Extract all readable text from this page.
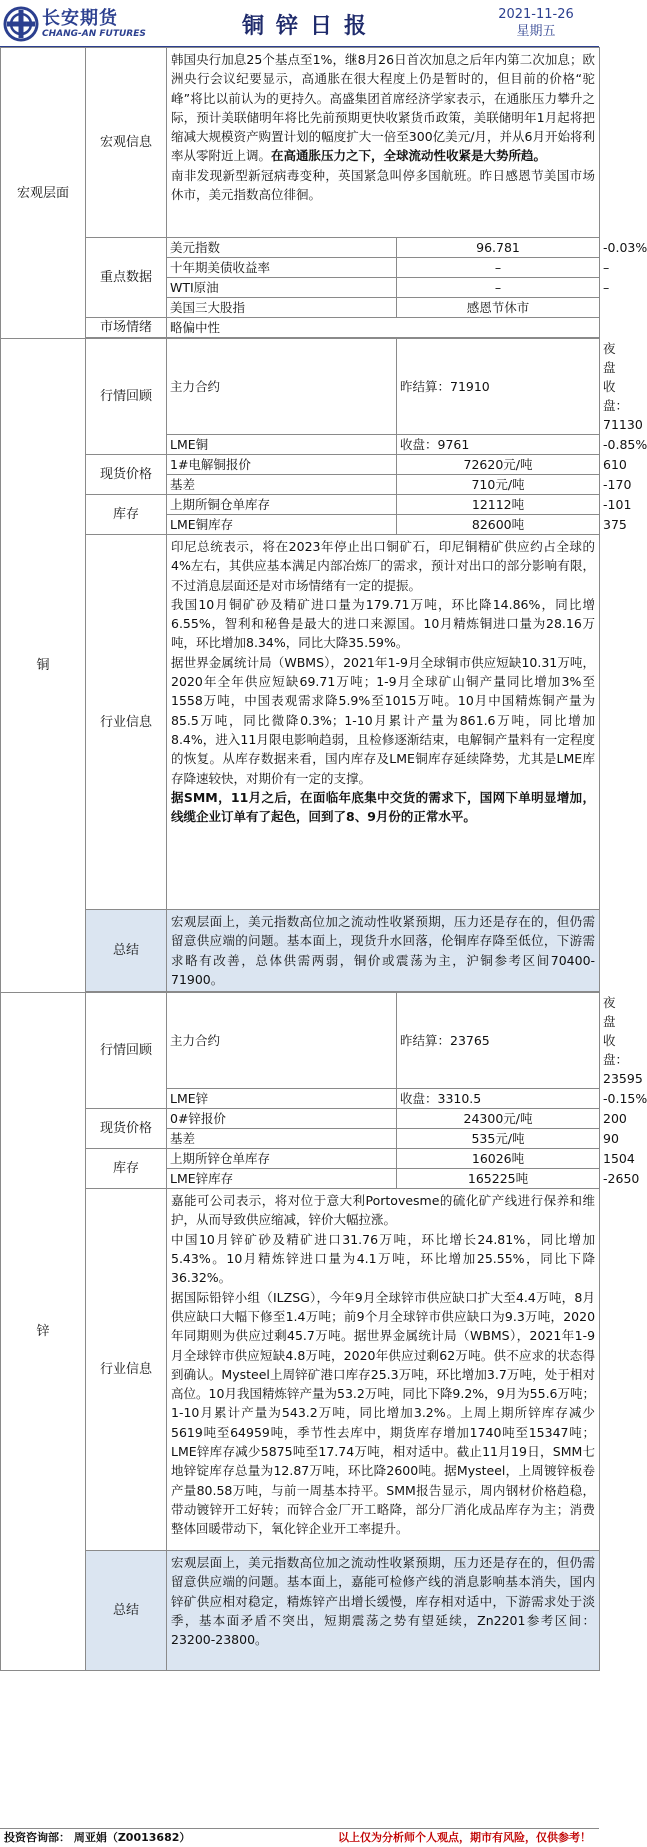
长安期货
CHANG-AN FUTURES	铜锌日报	2021-11-26
星期五
宏观层面	宏观信息	韩国央行加息25个基点至1%，继8月26日首次加息之后年内第二次加息；欧洲央行会议纪要显示，高通胀在很大程度上仍是暂时的，但目前的价格“驼峰”将比以前认为的更持久。高盛集团首席经济学家表示，在通胀压力攀升之际，预计美联储明年将比先前预期更快收紧货币政策，美联储明年1月起将把缩减大规模资产购置计划的幅度扩大一倍至300亿美元/月，并从6月开始将利率从零附近上调。在高通胀压力之下，全球流动性收紧是大势所趋。
南非发现新型新冠病毒变种，英国紧急叫停多国航班。昨日感恩节美国市场休市，美元指数高位徘徊。		
	重点数据	美元指数	96.781	-0.03%
		十年期美债收益率	–	–
		WTI原油	–	–
		美国三大股指	感恩节休市	
	市场情绪	略偏中性		

铜	行情回顾	主力合约	昨结算：71910	夜盘收盘：71130
		LME铜	收盘：9761	-0.85%
	现货价格	1#电解铜报价	72620元/吨	610
		基差	710元/吨	-170
	库存	上期所铜仓单库存	12112吨	-101
		LME铜库存	82600吨	375
	行业信息	印尼总统表示，将在2023年停止出口铜矿石，印尼铜精矿供应约占全球的4%左右，其供应基本满足内部冶炼厂的需求，预计对出口的部分影响有限，不过消息层面还是对市场情绪有一定的提振。
我国10月铜矿砂及精矿进口量为179.71万吨，环比降14.86%，同比增6.55%，智利和秘鲁是最大的进口来源国。10月精炼铜进口量为28.16万吨，环比增加8.34%，同比大降35.59%。
据世界金属统计局（WBMS），2021年1-9月全球铜市供应短缺10.31万吨，2020年全年供应短缺69.71万吨；1-9月全球矿山铜产量同比增加3%至1558万吨，中国表观需求降5.9%至1015万吨。10月中国精炼铜产量为85.5万吨，同比微降0.3%；1-10月累计产量为861.6万吨，同比增加8.4%，进入11月限电影响趋弱，且检修逐渐结束，电解铜产量料有一定程度的恢复。从库存数据来看，国内库存及LME铜库存延续降势，尤其是LME库存降速较快，对期价有一定的支撑。
据SMM，11月之后，在面临年底集中交货的需求下，国网下单明显增加，线缆企业订单有了起色，回到了8、9月份的正常水平。		
	总结	宏观层面上，美元指数高位加之流动性收紧预期，压力还是存在的，但仍需留意供应端的问题。基本面上，现货升水回落，伦铜库存降至低位，下游需求略有改善，总体供需两弱，铜价或震荡为主，沪铜参考区间70400-71900。		

锌	行情回顾	主力合约	昨结算：23765	夜盘收盘：23595
		LME锌	收盘：3310.5	-0.15%
	现货价格	0#锌报价	24300元/吨	200
		基差	535元/吨	90
	库存	上期所锌仓单库存	16026吨	1504
		LME锌库存	165225吨	-2650
	行业信息	嘉能可公司表示，将对位于意大利Portovesme的硫化矿产线进行保养和维护，从而导致供应缩减，锌价大幅拉涨。
中国10月锌矿砂及精矿进口31.76万吨，环比增长24.81%，同比增加5.43%。10月精炼锌进口量为4.1万吨，环比增加25.55%，同比下降36.32%。
据国际铅锌小组（ILZSG），今年9月全球锌市供应缺口扩大至4.4万吨，8月供应缺口大幅下修至1.4万吨；前9个月全球锌市供应缺口为9.3万吨，2020年同期则为供应过剩45.7万吨。据世界金属统计局（WBMS），2021年1-9月全球锌市供应短缺4.8万吨，2020年供应过剩62万吨。供不应求的状态得到确认。Mysteel上周锌矿港口库存25.3万吨，环比增加3.7万吨，处于相对高位。10月我国精炼锌产量为53.2万吨，同比下降9.2%，9月为55.6万吨；1-10月累计产量为543.2万吨，同比增加3.2%。上周上期所锌库存减少5619吨至64959吨，季节性去库中，期货库存增加1740吨至15347吨；LME锌库存减少5875吨至17.74万吨，相对适中。截止11月19日，SMM七地锌锭库存总量为12.87万吨，环比降2600吨。据Mysteel，上周镀锌板卷产量80.58万吨，与前一周基本持平。SMM报告显示，周内钢材价格趋稳，带动镀锌开工好转；而锌合金厂开工略降，部分厂消化成品库存为主；消费整体回暖带动下，氧化锌企业开工率提升。		
	总结	宏观层面上，美元指数高位加之流动性收紧预期，压力还是存在的，但仍需留意供应端的问题。基本面上，嘉能可检修产线的消息影响基本消失，国内锌矿供应相对稳定，精炼锌产出增长缓慢，库存相对适中，下游需求处于淡季，基本面矛盾不突出，短期震荡之势有望延续，Zn2201参考区间：23200-23800。		
投资咨询部： 周亚娟（Z0013682）	以上仅为分析师个人观点，期市有风险，仅供参考！
